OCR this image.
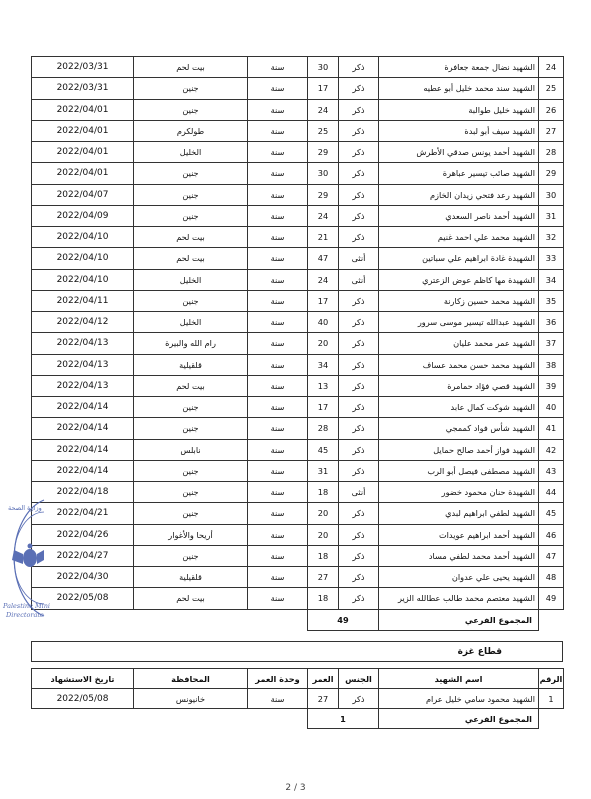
24	الشهيد نضال جمعة جعافرة	ذكر	30	سنة	بيت لحم	2022/03/31
25	الشهيد سند محمد خليل أبو عطيه	ذكر	17	سنة	جنين	2022/03/31
26	الشهيد خليل طوالبة	ذكر	24	سنة	جنين	2022/04/01
27	الشهيد سيف أبو لبدة	ذكر	25	سنة	طولكرم	2022/04/01
28	الشهيد أحمد يونس صدقي الأطرش	ذكر	29	سنة	الخليل	2022/04/01
29	الشهيد صائب تيسير عباهرة	ذكر	30	سنة	جنين	2022/04/01
30	الشهيد رعد فتحي زيدان الخازم	ذكر	29	سنة	جنين	2022/04/07
31	الشهيد أحمد ناصر السعدي	ذكر	24	سنة	جنين	2022/04/09
32	الشهيد محمد علي احمد غنيم	ذكر	21	سنة	بيت لحم	2022/04/10
33	الشهيدة غادة ابراهيم علي سباتين	أنثى	47	سنة	بيت لحم	2022/04/10
34	الشهيدة مها كاظم عوض الزعتري	أنثى	24	سنة	الخليل	2022/04/10
35	الشهيد محمد حسين زكارنة	ذكر	17	سنة	جنين	2022/04/11
36	الشهيد عبدالله تيسير موسى سرور	ذكر	40	سنة	الخليل	2022/04/12
37	الشهيد عمر محمد عليان	ذكر	20	سنة	رام الله والبيرة	2022/04/13
38	الشهيد محمد حسن محمد عساف	ذكر	34	سنة	قلقيلية	2022/04/13
39	الشهيد قصي فؤاد حمامرة	ذكر	13	سنة	بيت لحم	2022/04/13
40	الشهيد شوكت كمال عابد	ذكر	17	سنة	جنين	2022/04/14
41	الشهيد شأس فواد كممجي	ذكر	28	سنة	جنين	2022/04/14
42	الشهيد فواز أحمد صالح حمايل	ذكر	45	سنة	نابلس	2022/04/14
43	الشهيد مصطفى فيصل أبو الرب	ذكر	31	سنة	جنين	2022/04/14
44	الشهيدة حنان محمود خضور	أنثى	18	سنة	جنين	2022/04/18
45	الشهيد لطفي ابراهيم لبدي	ذكر	20	سنة	جنين	2022/04/21
46	الشهيد أحمد ابراهيم عويدات	ذكر	20	سنة	أريحا والأغوار	2022/04/26
47	الشهيد أحمد محمد لطفي مساد	ذكر	18	سنة	جنين	2022/04/27
48	الشهيد يحيى علي عدوان	ذكر	27	سنة	قلقيلية	2022/04/30
49	الشهيد معتصم محمد طالب عطالله الزير	ذكر	18	سنة	بيت لحم	2022/05/08
	المجموع الفرعي	49				
قطاع غزة
الرقم	اسم الشهيد	الجنس	العمر	وحدة العمر	المحافظة	تاريخ الاستشهاد
1	الشهيد محمود سامي خليل عرام	ذكر	27	سنة	خانيونس	2022/05/08
	المجموع الفرعي	1				
وزارة الصحة
Palestine Mini
Directorate
2 / 3
